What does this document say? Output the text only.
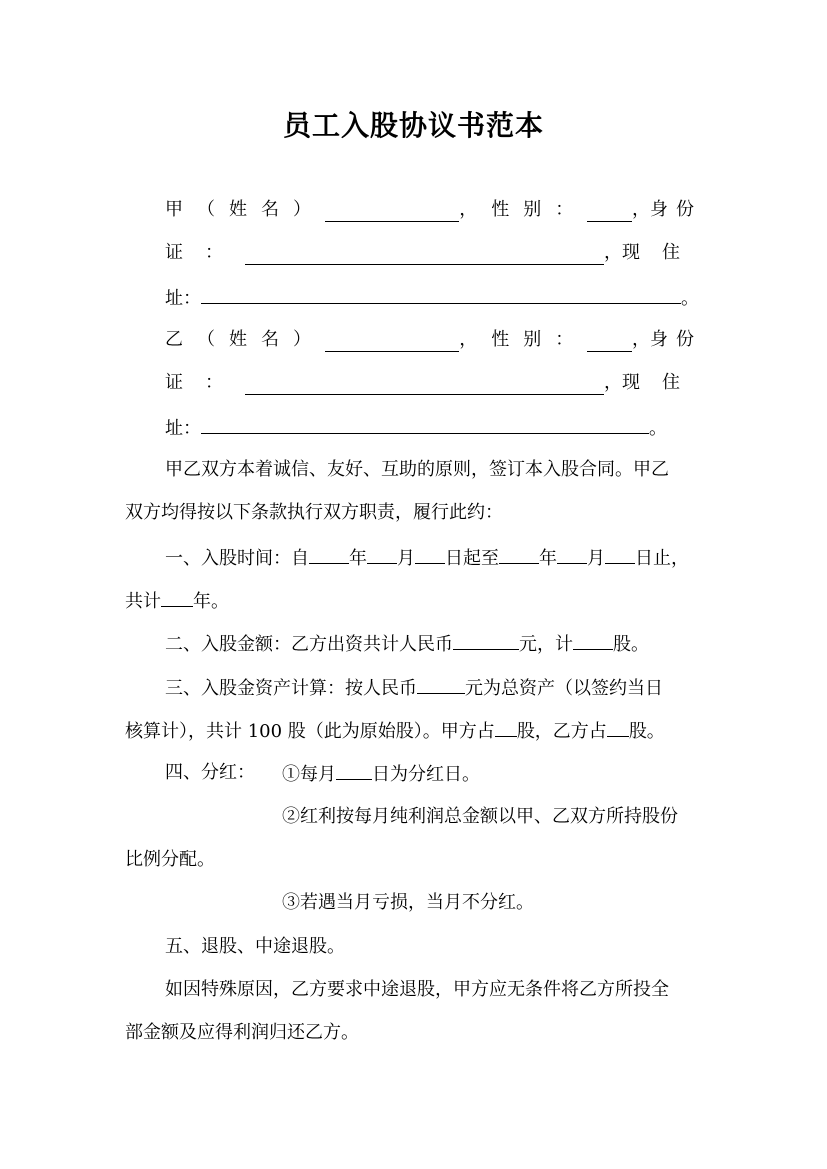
员工入股协议书范本
甲（姓名）	，性别： ， 身份
证：	， 现住
址：	。
乙（姓名）	，性别： ， 身份
证：	， 现住
址：	。
甲乙双方本着诚信、友好、互助的原则，签订本入股合同。甲乙
双方均得按以下条款执行双方职责，履行此约：
一、入股时间：自 年 月 日起至 年 月 日止，
共计 年。
二、入股金额：乙方出资共计人民币	元，计 股。
三、入股金资产计算：按人民币	元为总资产（以签约当日
核算计），共计 100 股（此为原始股）。甲方占 股，乙方占 股。
四、分红： ①每月 日为分红日。
②红利按每月纯利润总金额以甲、乙双方所持股份
比例分配。
③若遇当月亏损，当月不分红。
五、退股、中途退股。
如因特殊原因，乙方要求中途退股，甲方应无条件将乙方所投全
部金额及应得利润归还乙方。
